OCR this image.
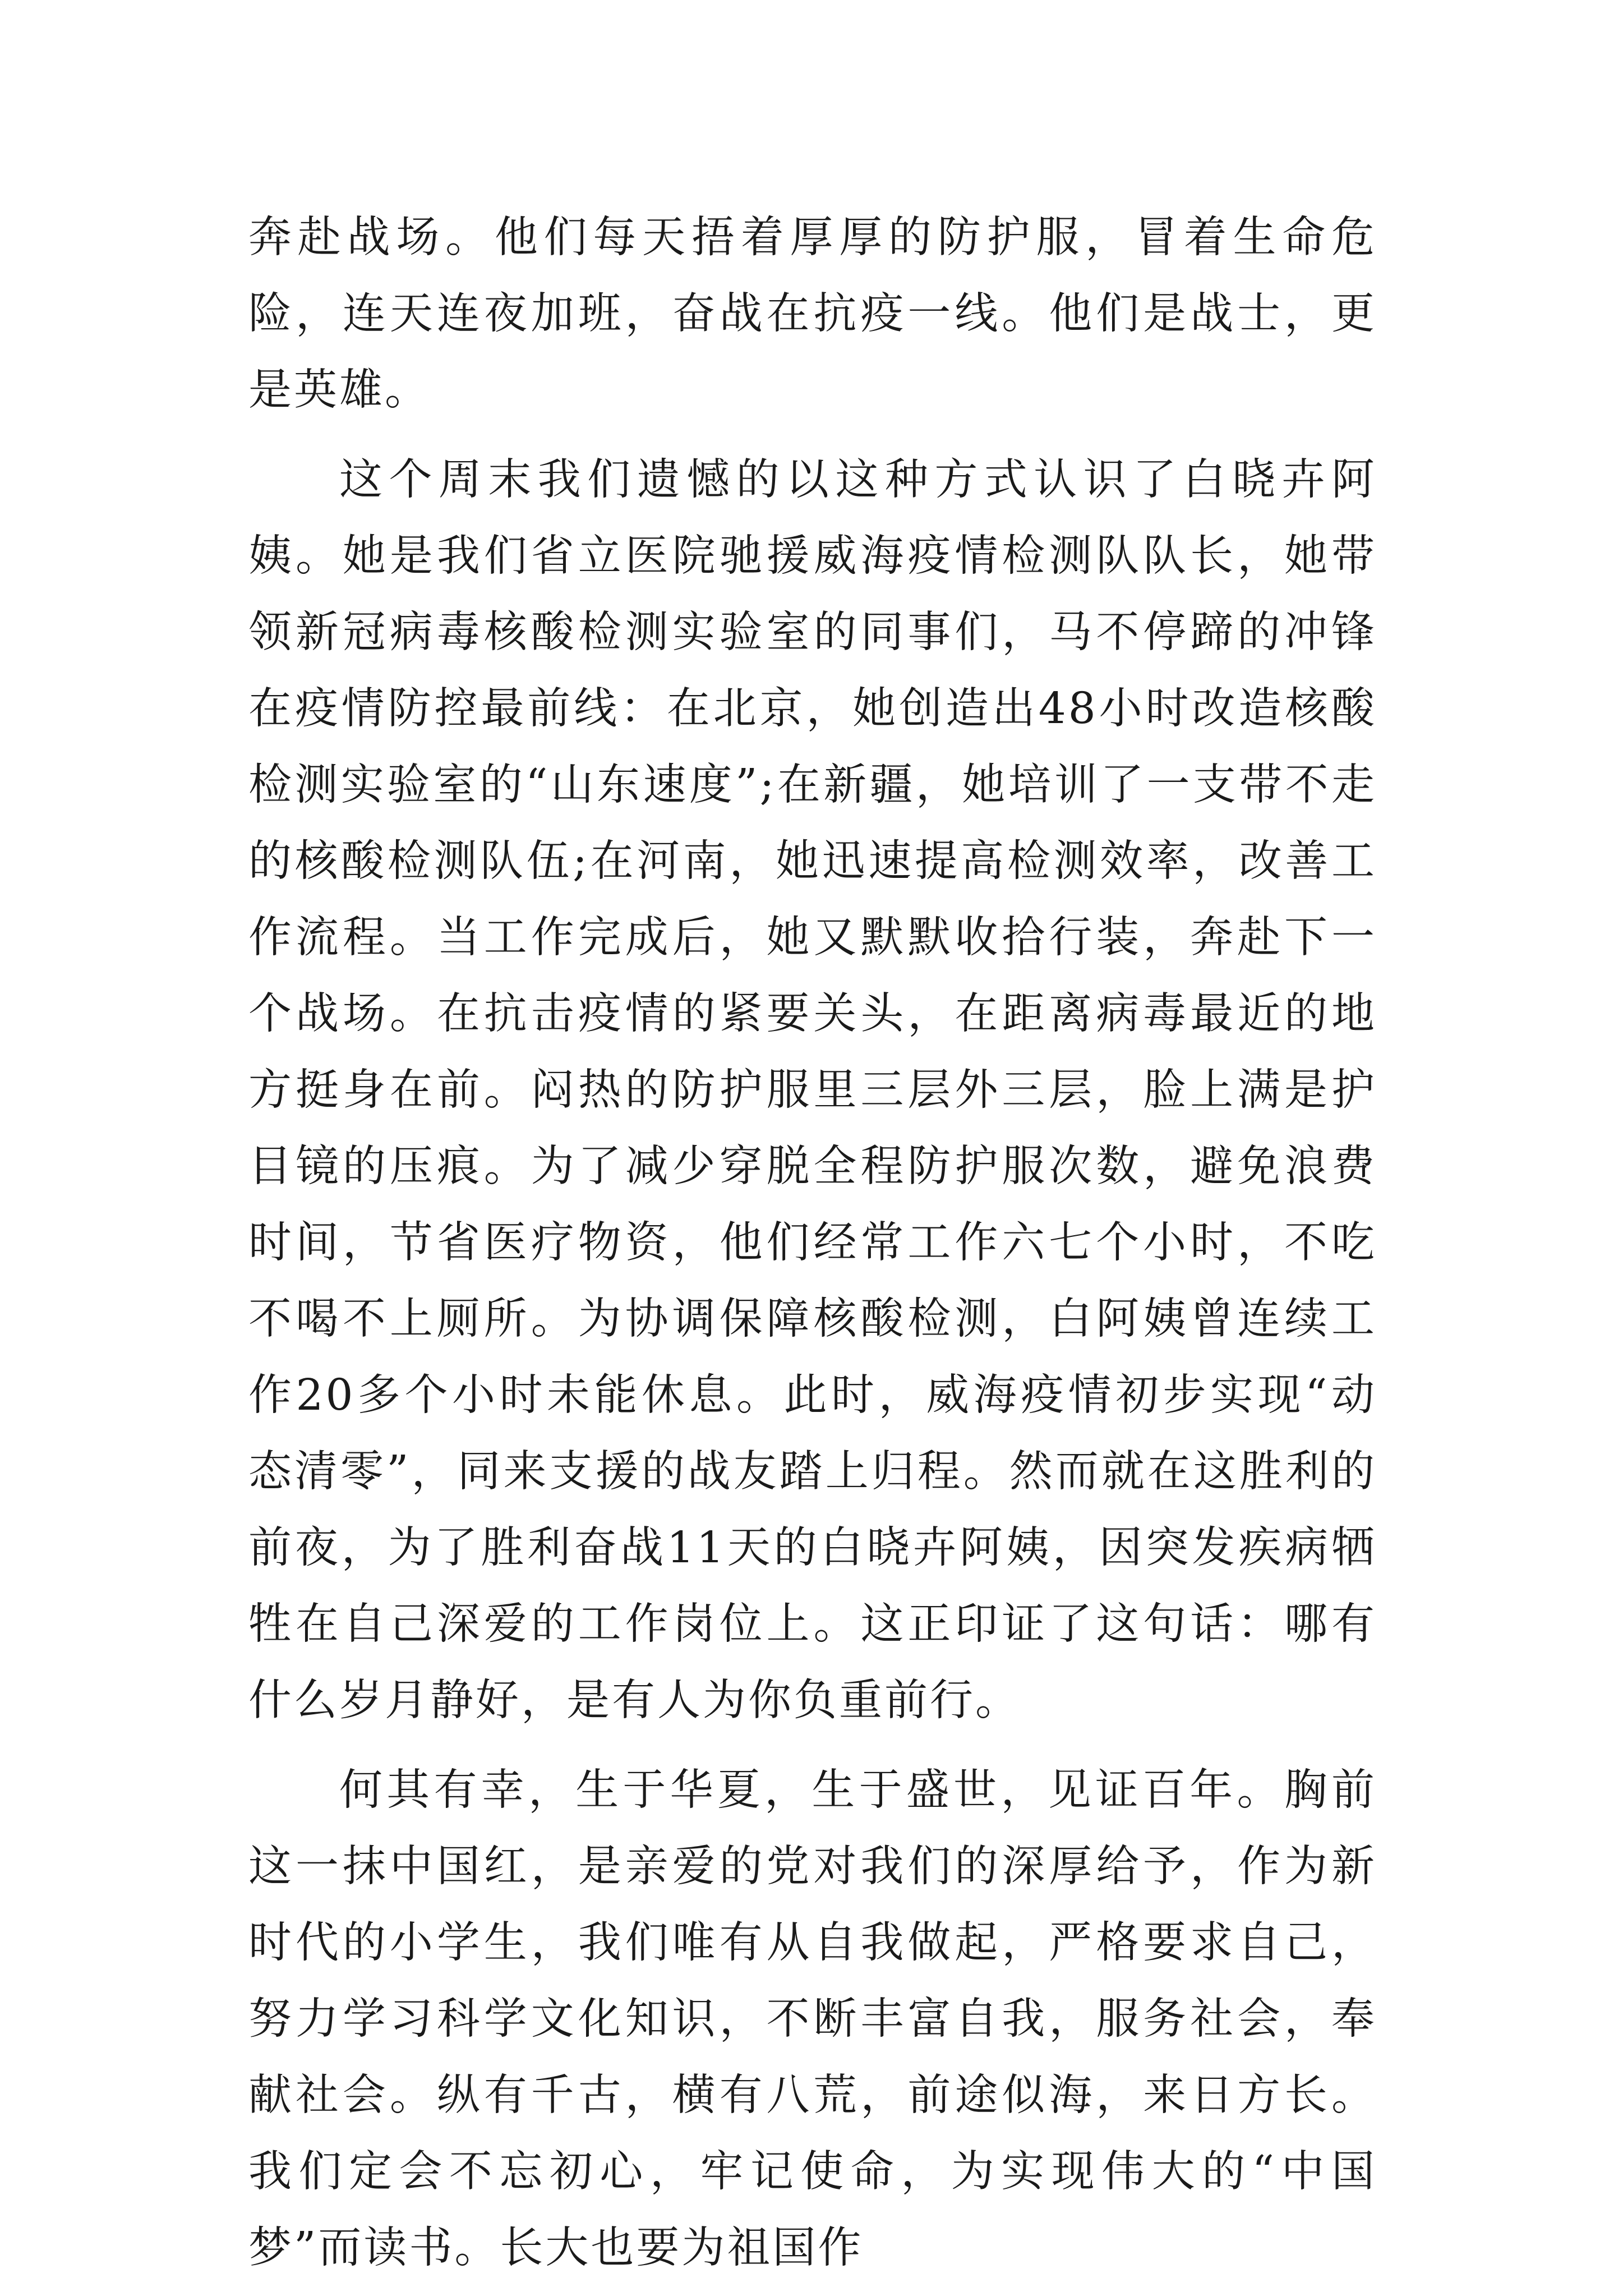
奔赴战场。他们每天捂着厚厚的防护服，冒着生命危险，连天连夜加班，奋战在抗疫一线。他们是战士，更是英雄。

这个周末我们遗憾的以这种方式认识了白晓卉阿姨。她是我们省立医院驰援威海疫情检测队队长，她带领新冠病毒核酸检测实验室的同事们，马不停蹄的冲锋在疫情防控最前线：在北京，她创造出48小时改造核酸检测实验室的“山东速度”;在新疆，她培训了一支带不走的核酸检测队伍;在河南，她迅速提高检测效率，改善工作流程。当工作完成后，她又默默收拾行装，奔赴下一个战场。在抗击疫情的紧要关头，在距离病毒最近的地方挺身在前。闷热的防护服里三层外三层，脸上满是护目镜的压痕。为了减少穿脱全程防护服次数，避免浪费时间，节省医疗物资，他们经常工作六七个小时，不吃不喝不上厕所。为协调保障核酸检测，白阿姨曾连续工作20多个小时未能休息。此时，威海疫情初步实现“动态清零”，同来支援的战友踏上归程。然而就在这胜利的前夜，为了胜利奋战11天的白晓卉阿姨，因突发疾病牺牲在自己深爱的工作岗位上。这正印证了这句话：哪有什么岁月静好，是有人为你负重前行。

何其有幸，生于华夏，生于盛世，见证百年。胸前这一抹中国红，是亲爱的党对我们的深厚给予，作为新时代的小学生，我们唯有从自我做起，严格要求自己，努力学习科学文化知识，不断丰富自我，服务社会，奉献社会。纵有千古，横有八荒，前途似海，来日方长。我们定会不忘初心，牢记使命，为实现伟大的“中国梦”而读书。长大也要为祖国作
